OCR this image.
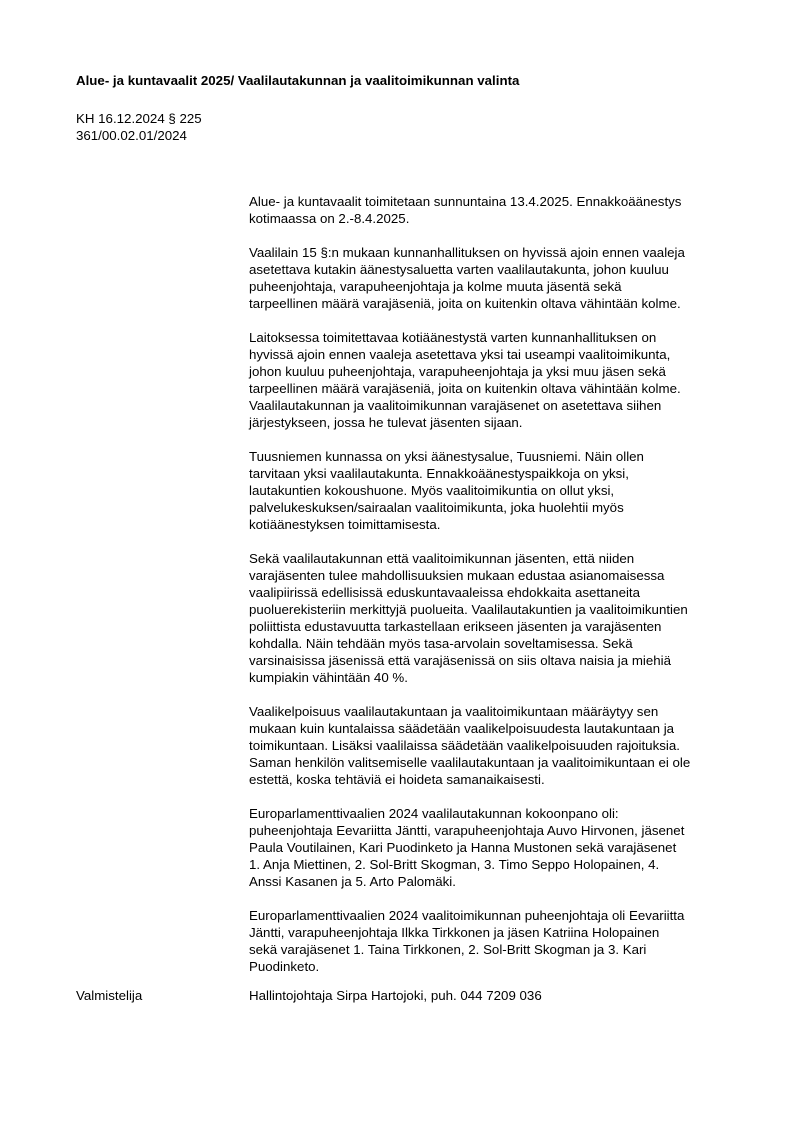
Alue- ja kuntavaalit 2025/ Vaalilautakunnan ja vaalitoimikunnan valinta
KH 16.12.2024 § 225
361/00.02.01/2024

Alue- ja kuntavaalit toimitetaan sunnuntaina 13.4.2025. Ennakkoäänestys
kotimaassa on 2.-8.4.2025.

Vaalilain 15 §:n mukaan kunnanhallituksen on hyvissä ajoin ennen vaaleja
asetettava kutakin äänestysaluetta varten vaalilautakunta, johon kuuluu
puheenjohtaja, varapuheenjohtaja ja kolme muuta jäsentä sekä
tarpeellinen määrä varajäseniä, joita on kuitenkin oltava vähintään kolme.

Laitoksessa toimitettavaa kotiäänestystä varten kunnanhallituksen on
hyvissä ajoin ennen vaaleja asetettava yksi tai useampi vaalitoimikunta,
johon kuuluu puheenjohtaja, varapuheenjohtaja ja yksi muu jäsen sekä
tarpeellinen määrä varajäseniä, joita on kuitenkin oltava vähintään kolme.
Vaalilautakunnan ja vaalitoimikunnan varajäsenet on asetettava siihen
järjestykseen, jossa he tulevat jäsenten sijaan.

Tuusniemen kunnassa on yksi äänestysalue, Tuusniemi. Näin ollen
tarvitaan yksi vaalilautakunta. Ennakkoäänestyspaikkoja on yksi,
lautakuntien kokoushuone. Myös vaalitoimikuntia on ollut yksi,
palvelukeskuksen/sairaalan vaalitoimikunta, joka huolehtii myös
kotiäänestyksen toimittamisesta.

Sekä vaalilautakunnan että vaalitoimikunnan jäsenten, että niiden
varajäsenten tulee mahdollisuuksien mukaan edustaa asianomaisessa
vaalipiirissä edellisissä eduskuntavaaleissa ehdokkaita asettaneita
puoluerekisteriin merkittyjä puolueita. Vaalilautakuntien ja vaalitoimikuntien
poliittista edustavuutta tarkastellaan erikseen jäsenten ja varajäsenten
kohdalla. Näin tehdään myös tasa-arvolain soveltamisessa. Sekä
varsinaisissa jäsenissä että varajäsenissä on siis oltava naisia ja miehiä
kumpiakin vähintään 40 %.

Vaalikelpoisuus vaalilautakuntaan ja vaalitoimikuntaan määräytyy sen
mukaan kuin kuntalaissa säädetään vaalikelpoisuudesta lautakuntaan ja
toimikuntaan. Lisäksi vaalilaissa säädetään vaalikelpoisuuden rajoituksia.
Saman henkilön valitsemiselle vaalilautakuntaan ja vaalitoimikuntaan ei ole
estettä, koska tehtäviä ei hoideta samanaikaisesti.

Europarlamenttivaalien 2024 vaalilautakunnan kokoonpano oli:
puheenjohtaja Eevariitta Jäntti, varapuheenjohtaja Auvo Hirvonen, jäsenet
Paula Voutilainen, Kari Puodinketo ja Hanna Mustonen sekä varajäsenet
1. Anja Miettinen, 2. Sol-Britt Skogman, 3. Timo Seppo Holopainen, 4.
Anssi Kasanen ja 5. Arto Palomäki.

Europarlamenttivaalien 2024 vaalitoimikunnan puheenjohtaja oli Eevariitta
Jäntti, varapuheenjohtaja Ilkka Tirkkonen ja jäsen Katriina Holopainen
sekä varajäsenet 1. Taina Tirkkonen, 2. Sol-Britt Skogman ja 3. Kari
Puodinketo.

Valmistelija	Hallintojohtaja Sirpa Hartojoki, puh. 044 7209 036
